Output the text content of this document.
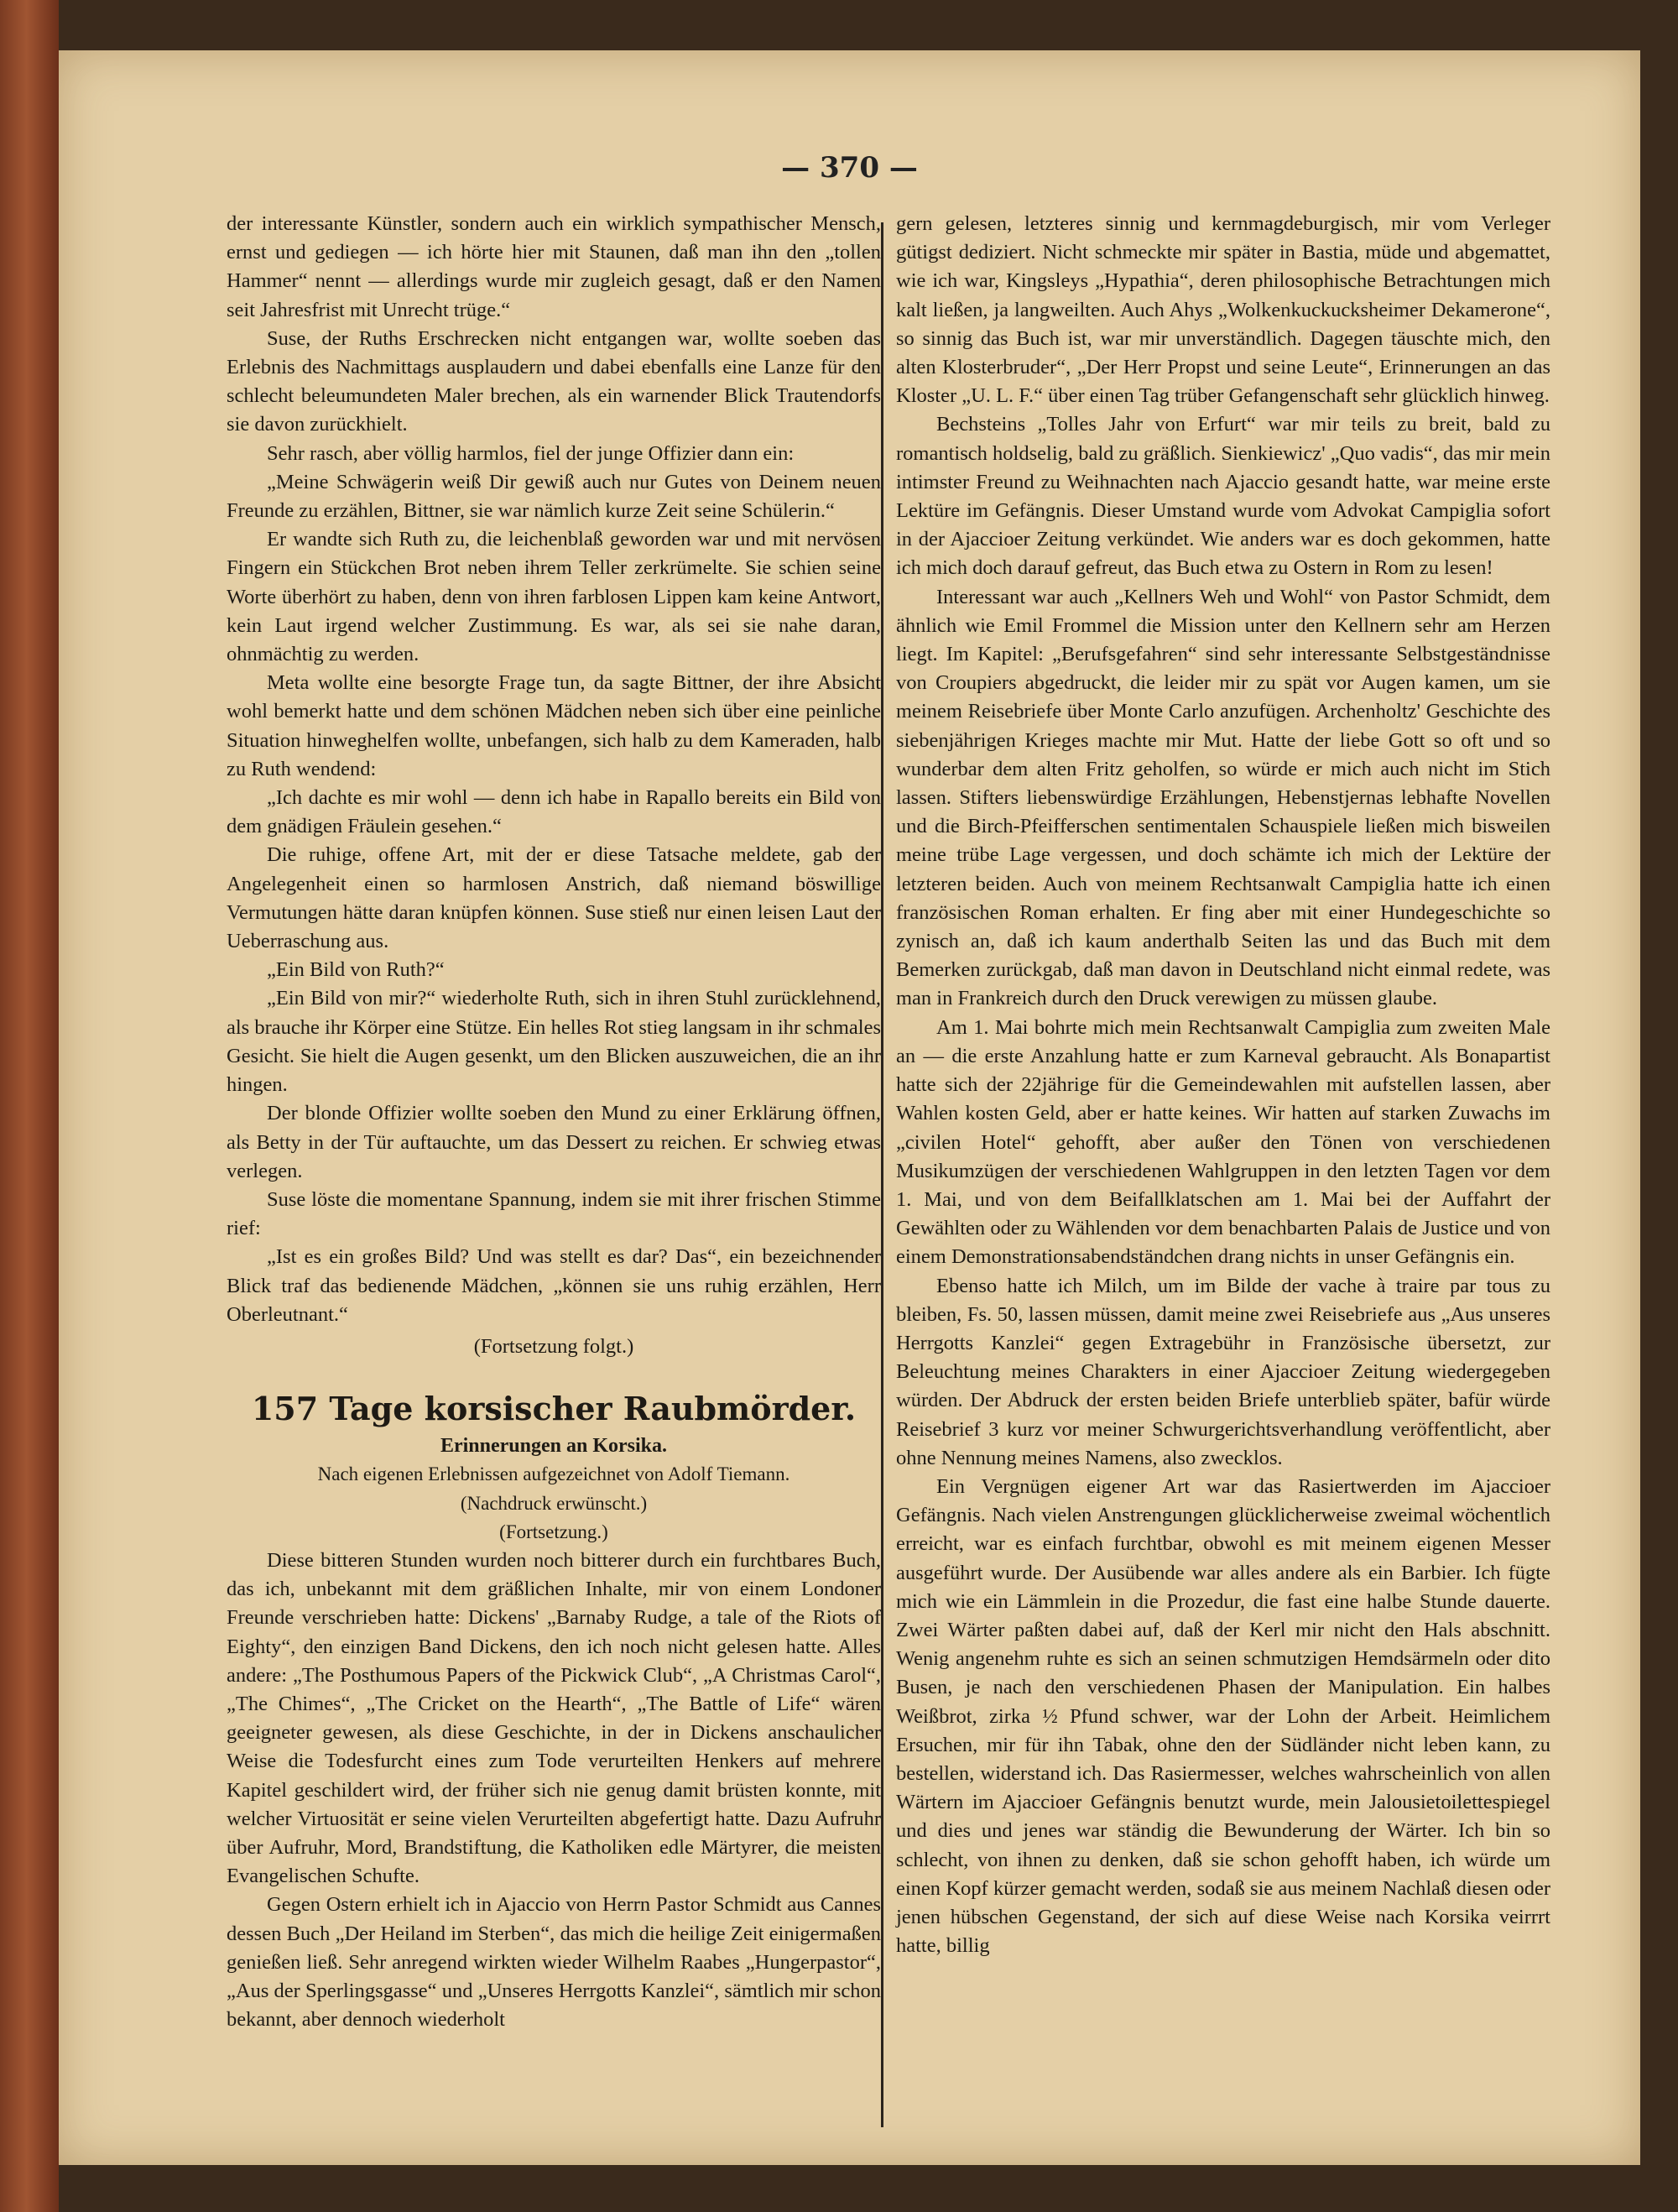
— 370 —

der interessante Künstler, sondern auch ein wirklich sympathischer Mensch, ernst und gediegen — ich hörte hier mit Staunen, daß man ihn den „tollen Hammer“ nennt — allerdings wurde mir zugleich gesagt, daß er den Namen seit Jahresfrist mit Unrecht trüge.“

Suse, der Ruths Erschrecken nicht entgangen war, wollte soeben das Erlebnis des Nachmittags ausplaudern und dabei ebenfalls eine Lanze für den schlecht beleumundeten Maler brechen, als ein warnender Blick Trautendorfs sie davon zurückhielt.

Sehr rasch, aber völlig harmlos, fiel der junge Offizier dann ein:

„Meine Schwägerin weiß Dir gewiß auch nur Gutes von Deinem neuen Freunde zu erzählen, Bittner, sie war nämlich kurze Zeit seine Schülerin.“

Er wandte sich Ruth zu, die leichenblaß geworden war und mit nervösen Fingern ein Stückchen Brot neben ihrem Teller zerkrümelte. Sie schien seine Worte überhört zu haben, denn von ihren farblosen Lippen kam keine Antwort, kein Laut irgend welcher Zustimmung. Es war, als sei sie nahe daran, ohnmächtig zu werden.

Meta wollte eine besorgte Frage tun, da sagte Bittner, der ihre Absicht wohl bemerkt hatte und dem schönen Mädchen neben sich über eine peinliche Situation hinweghelfen wollte, unbefangen, sich halb zu dem Kameraden, halb zu Ruth wendend:

„Ich dachte es mir wohl — denn ich habe in Rapallo bereits ein Bild von dem gnädigen Fräulein gesehen.“

Die ruhige, offene Art, mit der er diese Tatsache meldete, gab der Angelegenheit einen so harmlosen Anstrich, daß niemand böswillige Vermutungen hätte daran knüpfen können. Suse stieß nur einen leisen Laut der Ueberraschung aus.

„Ein Bild von Ruth?“

„Ein Bild von mir?“ wiederholte Ruth, sich in ihren Stuhl zurücklehnend, als brauche ihr Körper eine Stütze. Ein helles Rot stieg langsam in ihr schmales Gesicht. Sie hielt die Augen gesenkt, um den Blicken auszuweichen, die an ihr hingen.

Der blonde Offizier wollte soeben den Mund zu einer Erklärung öffnen, als Betty in der Tür auftauchte, um das Dessert zu reichen. Er schwieg etwas verlegen.

Suse löste die momentane Spannung, indem sie mit ihrer frischen Stimme rief:

„Ist es ein großes Bild? Und was stellt es dar? Das“, ein bezeichnender Blick traf das bedienende Mädchen, „können sie uns ruhig erzählen, Herr Oberleutnant.“

(Fortsetzung folgt.)
157 Tage korsischer Raubmörder.
Erinnerungen an Korsika.
Nach eigenen Erlebnissen aufgezeichnet von Adolf Tiemann.
(Nachdruck erwünscht.)
(Fortsetzung.)

Diese bitteren Stunden wurden noch bitterer durch ein furchtbares Buch, das ich, unbekannt mit dem gräßlichen Inhalte, mir von einem Londoner Freunde verschrieben hatte: Dickens' „Barnaby Rudge, a tale of the Riots of Eighty“, den einzigen Band Dickens, den ich noch nicht gelesen hatte. Alles andere: „The Posthumous Papers of the Pickwick Club“, „A Christmas Carol“, „The Chimes“, „The Cricket on the Hearth“, „The Battle of Life“ wären geeigneter gewesen, als diese Geschichte, in der in Dickens anschaulicher Weise die Todesfurcht eines zum Tode verurteilten Henkers auf mehrere Kapitel geschildert wird, der früher sich nie genug damit brüsten konnte, mit welcher Virtuosität er seine vielen Verurteilten abgefertigt hatte. Dazu Aufruhr über Aufruhr, Mord, Brandstiftung, die Katholiken edle Märtyrer, die meisten Evangelischen Schufte.

Gegen Ostern erhielt ich in Ajaccio von Herrn Pastor Schmidt aus Cannes dessen Buch „Der Heiland im Sterben“, das mich die heilige Zeit einigermaßen genießen ließ. Sehr anregend wirkten wieder Wilhelm Raabes „Hungerpastor“, „Aus der Sperlingsgasse“ und „Unseres Herrgotts Kanzlei“, sämtlich mir schon bekannt, aber dennoch wiederholt

gern gelesen, letzteres sinnig und kernmagdeburgisch, mir vom Verleger gütigst dediziert. Nicht schmeckte mir später in Bastia, müde und abgemattet, wie ich war, Kingsleys „Hypathia“, deren philosophische Betrachtungen mich kalt ließen, ja langweilten. Auch Ahys „Wolkenkuckucksheimer Dekamerone“, so sinnig das Buch ist, war mir unverständlich. Dagegen täuschte mich, den alten Klosterbruder“, „Der Herr Propst und seine Leute“, Erinnerungen an das Kloster „U. L. F.“ über einen Tag trüber Gefangenschaft sehr glücklich hinweg.

Bechsteins „Tolles Jahr von Erfurt“ war mir teils zu breit, bald zu romantisch holdselig, bald zu gräßlich. Sienkiewicz' „Quo vadis“, das mir mein intimster Freund zu Weihnachten nach Ajaccio gesandt hatte, war meine erste Lektüre im Gefängnis. Dieser Umstand wurde vom Advokat Campiglia sofort in der Ajaccioer Zeitung verkündet. Wie anders war es doch gekommen, hatte ich mich doch darauf gefreut, das Buch etwa zu Ostern in Rom zu lesen!

Interessant war auch „Kellners Weh und Wohl“ von Pastor Schmidt, dem ähnlich wie Emil Frommel die Mission unter den Kellnern sehr am Herzen liegt. Im Kapitel: „Berufsgefahren“ sind sehr interessante Selbstgeständnisse von Croupiers abgedruckt, die leider mir zu spät vor Augen kamen, um sie meinem Reisebriefe über Monte Carlo anzufügen. Archenholtz' Geschichte des siebenjährigen Krieges machte mir Mut. Hatte der liebe Gott so oft und so wunderbar dem alten Fritz geholfen, so würde er mich auch nicht im Stich lassen. Stifters liebenswürdige Erzählungen, Hebenstjernas lebhafte Novellen und die Birch-Pfeifferschen sentimentalen Schauspiele ließen mich bisweilen meine trübe Lage vergessen, und doch schämte ich mich der Lektüre der letzteren beiden. Auch von meinem Rechtsanwalt Campiglia hatte ich einen französischen Roman erhalten. Er fing aber mit einer Hundegeschichte so zynisch an, daß ich kaum anderthalb Seiten las und das Buch mit dem Bemerken zurückgab, daß man davon in Deutschland nicht einmal redete, was man in Frankreich durch den Druck verewigen zu müssen glaube.

Am 1. Mai bohrte mich mein Rechtsanwalt Campiglia zum zweiten Male an — die erste Anzahlung hatte er zum Karneval gebraucht. Als Bonapartist hatte sich der 22jährige für die Gemeindewahlen mit aufstellen lassen, aber Wahlen kosten Geld, aber er hatte keines. Wir hatten auf starken Zuwachs im „civilen Hotel“ gehofft, aber außer den Tönen von verschiedenen Musikumzügen der verschiedenen Wahlgruppen in den letzten Tagen vor dem 1. Mai, und von dem Beifallklatschen am 1. Mai bei der Auffahrt der Gewählten oder zu Wählenden vor dem benachbarten Palais de Justice und von einem Demonstrationsabendständchen drang nichts in unser Gefängnis ein.

Ebenso hatte ich Milch, um im Bilde der vache à traire par tous zu bleiben, Fs. 50, lassen müssen, damit meine zwei Reisebriefe aus „Aus unseres Herrgotts Kanzlei“ gegen Extragebühr in Französische übersetzt, zur Beleuchtung meines Charakters in einer Ajaccioer Zeitung wiedergegeben würden. Der Abdruck der ersten beiden Briefe unterblieb später, bafür würde Reisebrief 3 kurz vor meiner Schwurgerichtsverhandlung veröffentlicht, aber ohne Nennung meines Namens, also zwecklos.

Ein Vergnügen eigener Art war das Rasiertwerden im Ajaccioer Gefängnis. Nach vielen Anstrengungen glücklicherweise zweimal wöchentlich erreicht, war es einfach furchtbar, obwohl es mit meinem eigenen Messer ausgeführt wurde. Der Ausübende war alles andere als ein Barbier. Ich fügte mich wie ein Lämmlein in die Prozedur, die fast eine halbe Stunde dauerte. Zwei Wärter paßten dabei auf, daß der Kerl mir nicht den Hals abschnitt. Wenig angenehm ruhte es sich an seinen schmutzigen Hemdsärmeln oder dito Busen, je nach den verschiedenen Phasen der Manipulation. Ein halbes Weißbrot, zirka ½ Pfund schwer, war der Lohn der Arbeit. Heimlichem Ersuchen, mir für ihn Tabak, ohne den der Südländer nicht leben kann, zu bestellen, widerstand ich. Das Rasiermesser, welches wahrscheinlich von allen Wärtern im Ajaccioer Gefängnis benutzt wurde, mein Jalousietoilettespiegel und dies und jenes war ständig die Bewunderung der Wärter. Ich bin so schlecht, von ihnen zu denken, daß sie schon gehofft haben, ich würde um einen Kopf kürzer gemacht werden, sodaß sie aus meinem Nachlaß diesen oder jenen hübschen Gegenstand, der sich auf diese Weise nach Korsika veirrrt hatte, billig
